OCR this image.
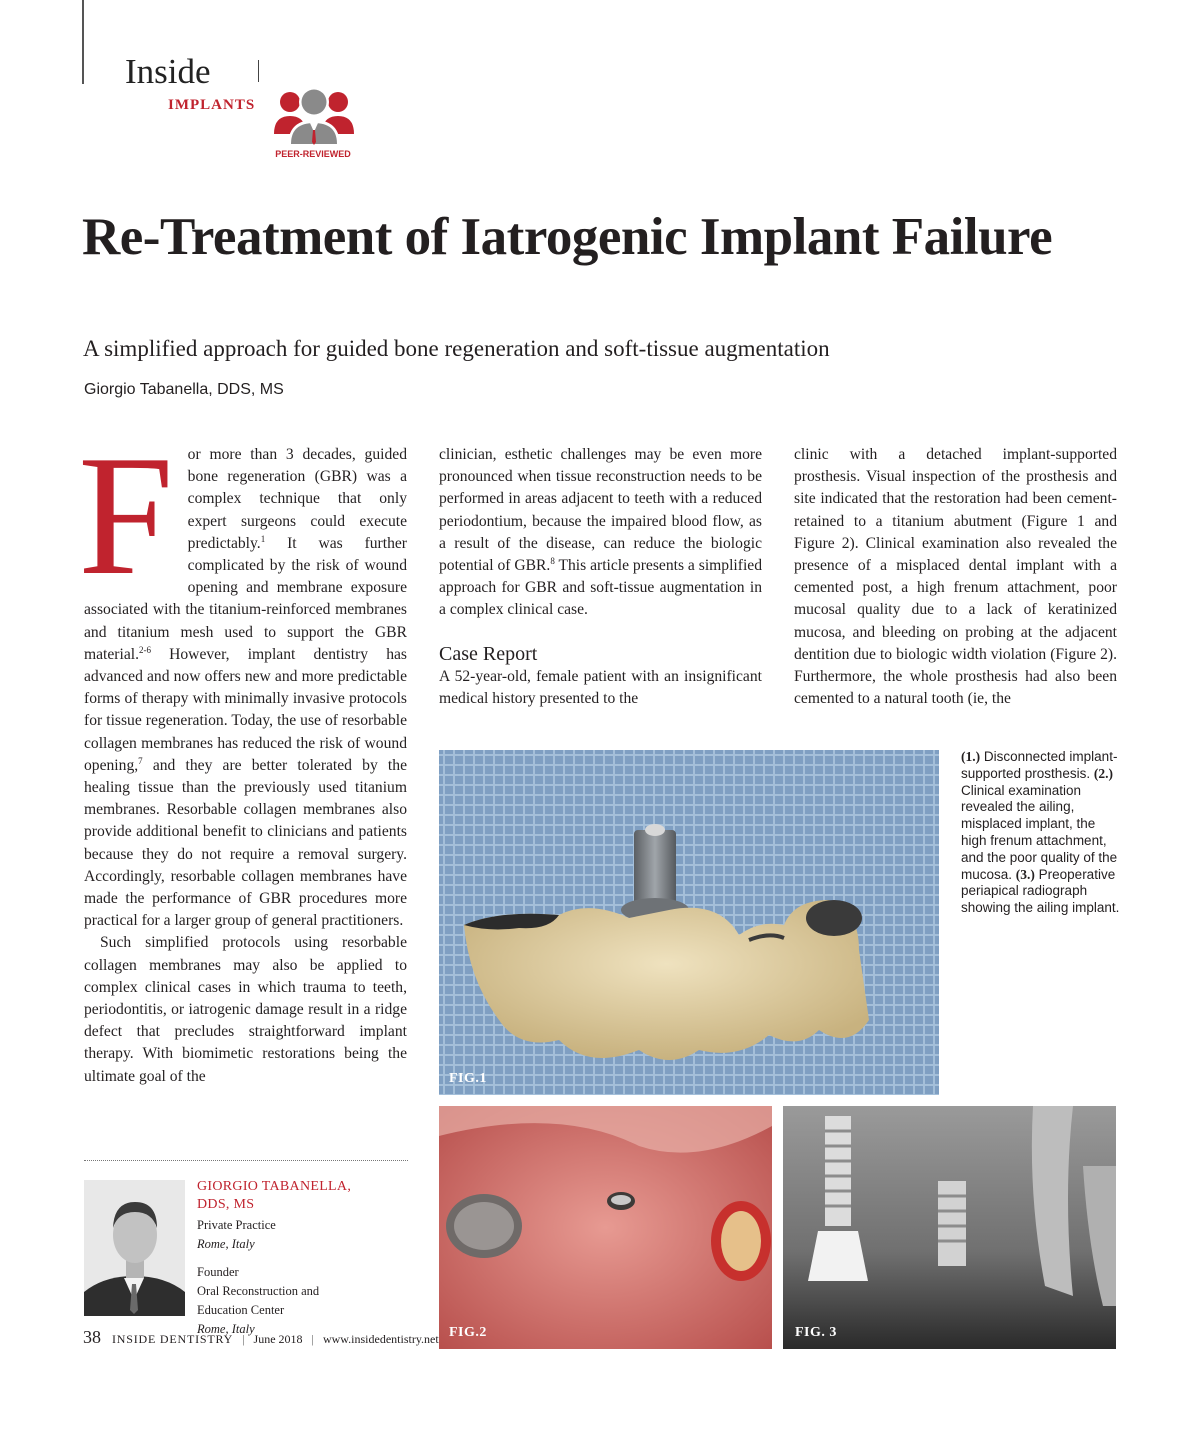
Inside
IMPLANTS
PEER-REVIEWED
Re-Treatment of Iatrogenic Implant Failure
A simplified approach for guided bone regeneration and soft-tissue augmentation
Giorgio Tabanella, DDS, MS

For more than 3 decades, guided bone regeneration (GBR) was a complex technique that only expert surgeons could execute predictably.$^1$ It was further complicated by the risk of wound opening and membrane exposure associated with the titanium-reinforced membranes and titanium mesh used to support the GBR material.$^{2-6}$ However, implant dentistry has advanced and now offers new and more predictable forms of therapy with minimally invasive protocols for tissue regeneration. Today, the use of resorbable collagen membranes has reduced the risk of wound opening,$^7$ and they are better tolerated by the healing tissue than the previously used titanium membranes. Resorbable collagen membranes also provide additional benefit to clinicians and patients because they do not require a removal surgery. Accordingly, resorbable collagen membranes have made the performance of GBR procedures more practical for a larger group of general practitioners.

Such simplified protocols using resorbable collagen membranes may also be applied to complex clinical cases in which trauma to teeth, periodontitis, or iatrogenic damage result in a ridge defect that precludes straightforward implant therapy. With biomimetic restorations being the ultimate goal of the

clinician, esthetic challenges may be even more pronounced when tissue reconstruction needs to be performed in areas adjacent to teeth with a reduced periodontium, because the impaired blood flow, as a result of the disease, can reduce the biologic potential of GBR.$^8$ This article presents a simplified approach for GBR and soft-tissue augmentation in a complex clinical case.

Case Report

A 52-year-old, female patient with an insignificant medical history presented to the

clinic with a detached implant-supported prosthesis. Visual inspection of the prosthesis and site indicated that the restoration had been cement-retained to a titanium abutment (Figure 1 and Figure 2). Clinical examination also revealed the presence of a misplaced dental implant with a cemented post, a high frenum attachment, poor mucosal quality due to a lack of keratinized mucosa, and bleeding on probing at the adjacent dentition due to biologic width violation (Figure 2). Furthermore, the whole prosthesis had also been cemented to a natural tooth (ie, the

FIG.1
FIG.2	FIG. 3
(1.) Disconnected implant-supported prosthesis. (2.) Clinical examination revealed the ailing, misplaced implant, the high frenum attachment, and the poor quality of the mucosa. (3.) Preoperative periapical radiograph showing the ailing implant.
GIORGIO TABANELLA,
DDS, MS
Private Practice
Rome, Italy
Founder
Oral Reconstruction and
Education Center
Rome, Italy
38 INSIDE DENTISTRY | June 2018 | www.insidedentistry.net
